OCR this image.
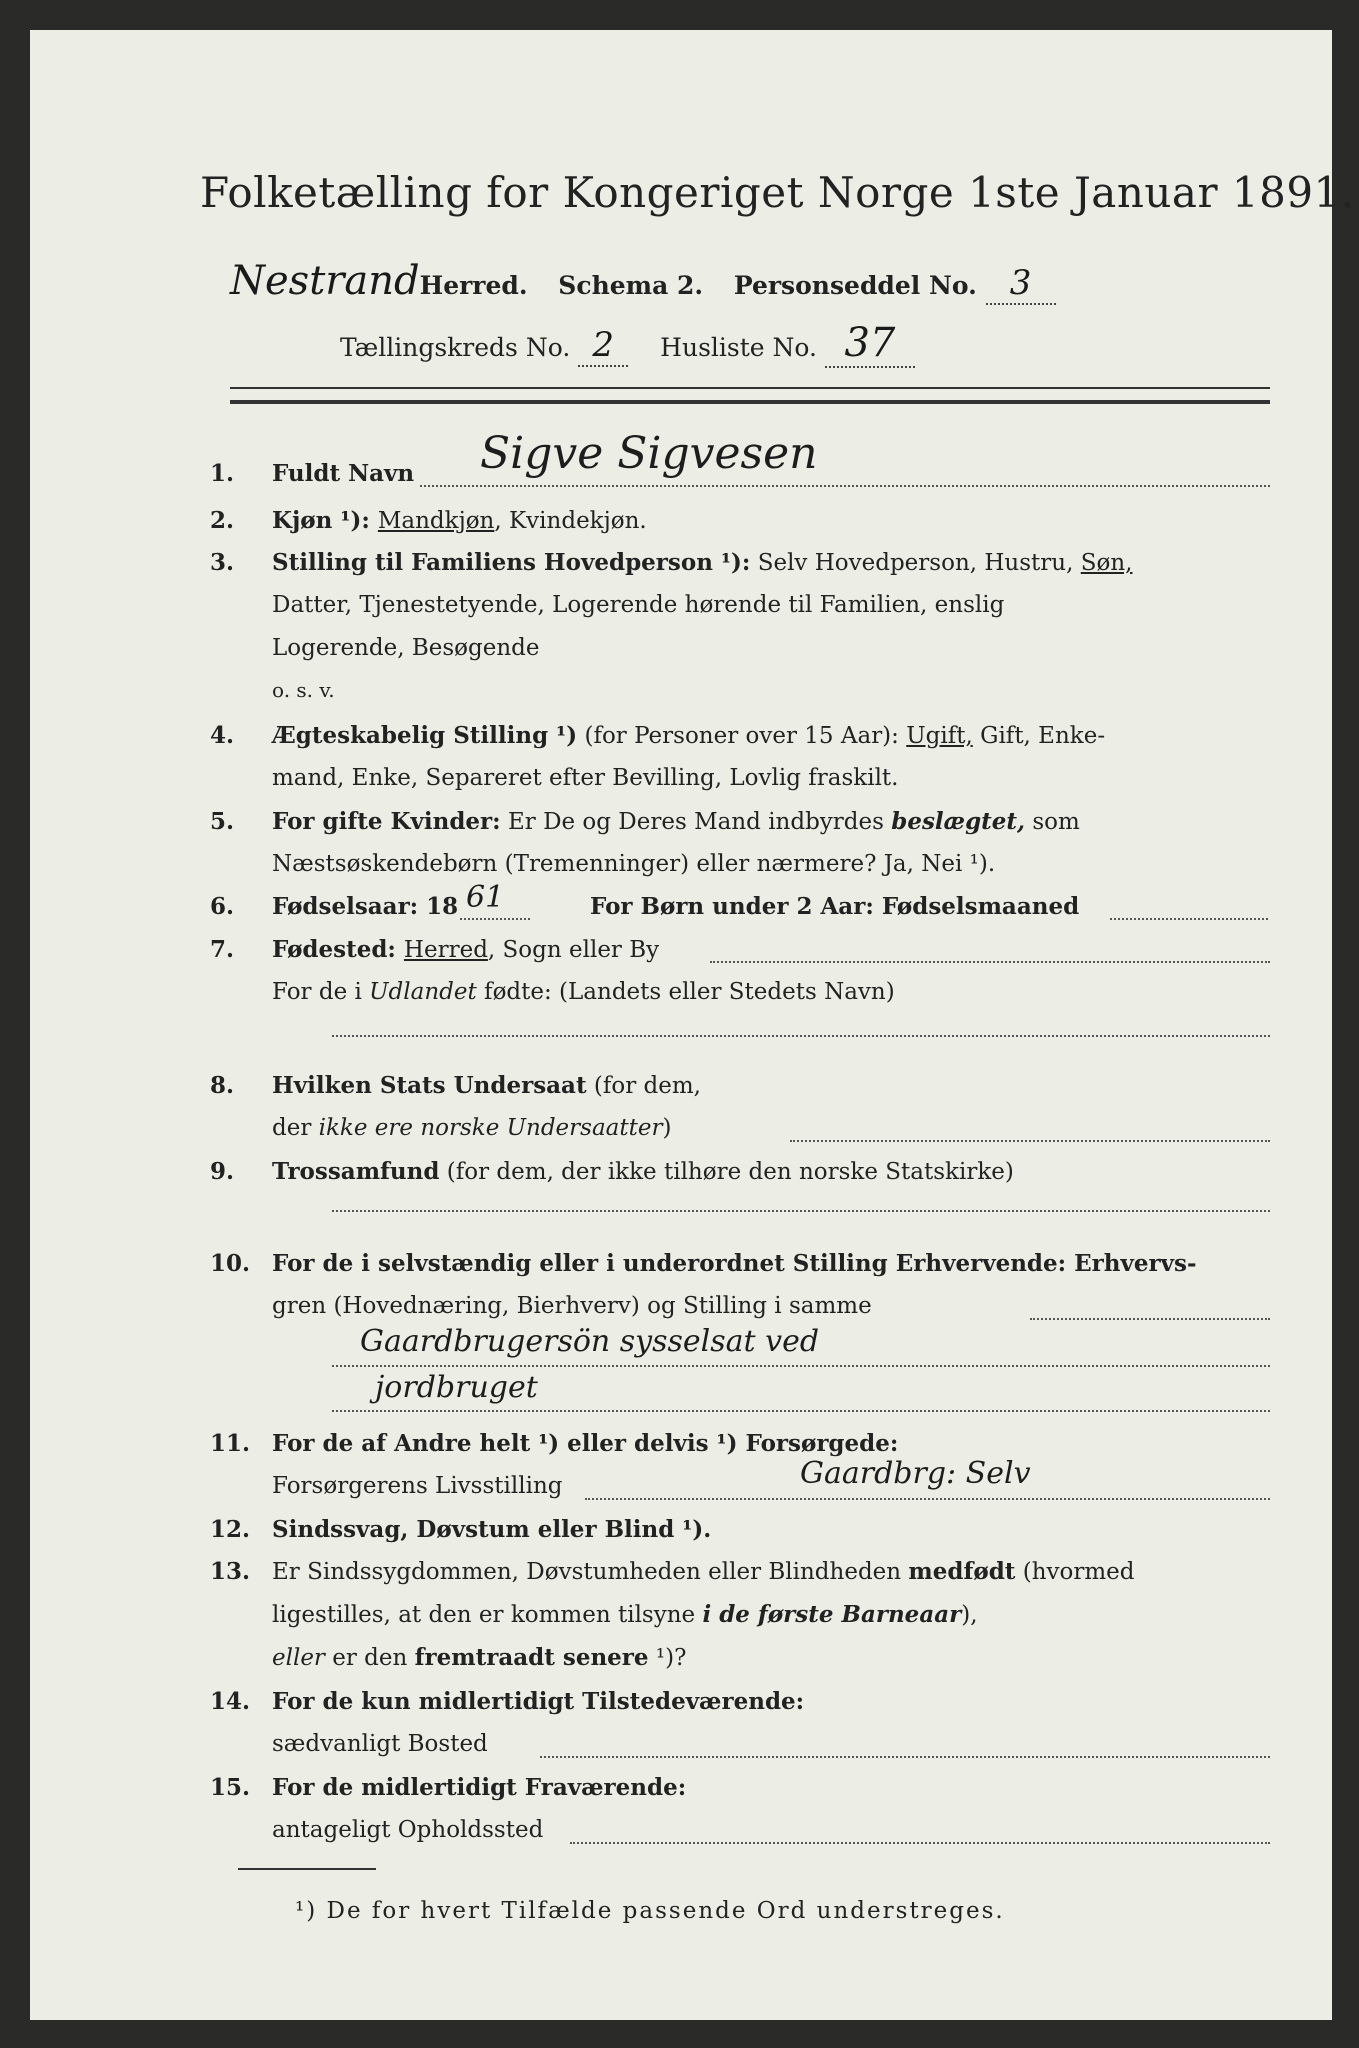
Folketælling for Kongeriget Norge 1ste Januar 1891.
NestrandHerred. Schema 2. Personseddel No. 3
Tællingskreds No. 2 Husliste No. 37
1. Fuldt Navn Sigve Sigvesen
2. Kjøn ¹): Mandkjøn, Kvindekjøn.
3. Stilling til Familiens Hovedperson ¹): Selv Hovedperson, Hustru, Søn,
Datter, Tjenestetyende, Logerende hørende til Familien, enslig
Logerende, Besøgende
o. s. v.
4. Ægteskabelig Stilling ¹) (for Personer over 15 Aar): Ugift, Gift, Enke-
mand, Enke, Separeret efter Bevilling, Lovlig fraskilt.
5. For gifte Kvinder: Er De og Deres Mand indbyrdes beslægtet, som
Næstsøskendebørn (Tremenninger) eller nærmere? Ja, Nei ¹).
6. Fødselsaar: 18 61	For Børn under 2 Aar: Fødselsmaaned
7. Fødested: Herred, Sogn eller By
For de i Udlandet fødte: (Landets eller Stedets Navn)
8. Hvilken Stats Undersaat (for dem,
der ikke ere norske Undersaatter)
9. Trossamfund (for dem, der ikke tilhøre den norske Statskirke)
10. For de i selvstændig eller i underordnet Stilling Erhvervende: Erhvervs-
gren (Hovednæring, Bierhverv) og Stilling i samme
Gaardbrugersön sysselsat ved
jordbruget
11. For de af Andre helt ¹) eller delvis ¹) Forsørgede:
Forsørgerens Livsstilling	Gaardbrg: Selv
12. Sindssvag, Døvstum eller Blind ¹).
13. Er Sindssygdommen, Døvstumheden eller Blindheden medfødt (hvormed
ligestilles, at den er kommen tilsyne i de første Barneaar),
eller er den fremtraadt senere ¹)?
14. For de kun midlertidigt Tilstedeværende:
sædvanligt Bosted
15. For de midlertidigt Fraværende:
antageligt Opholdssted
¹) De for hvert Tilfælde passende Ord understreges.
